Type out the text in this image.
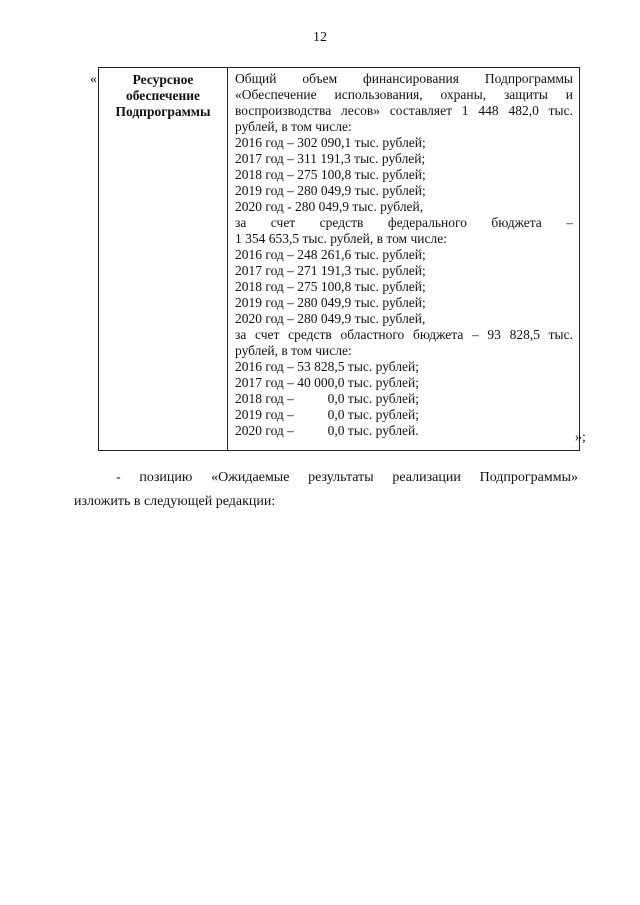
12
«	Ресурсное
обеспечение
Подпрограммы
Общий объем финансирования Подпрограммы
«Обеспечение использования, охраны, защиты и
воспроизводства лесов» составляет 1 448 482,0 тыс.
рублей, в том числе:
2016 год – 302 090,1 тыс. рублей;
2017 год – 311 191,3 тыс. рублей;
2018 год – 275 100,8 тыс. рублей;
2019 год – 280 049,9 тыс. рублей;
2020 год - 280 049,9 тыс. рублей,
за счет средств федерального бюджета –
1 354 653,5 тыс. рублей, в том числе:
2016 год – 248 261,6 тыс. рублей;
2017 год – 271 191,3 тыс. рублей;
2018 год – 275 100,8 тыс. рублей;
2019 год – 280 049,9 тыс. рублей;
2020 год – 280 049,9 тыс. рублей,
за счет средств областного бюджета – 93 828,5 тыс.
рублей, в том числе:
2016 год – 53 828,5 тыс. рублей;
2017 год – 40 000,0 тыс. рублей;
2018 год –          0,0 тыс. рублей;
2019 год –          0,0 тыс. рублей;
2020 год –          0,0 тыс. рублей.	»;
- позицию «Ожидаемые результаты реализации Подпрограммы»
изложить в следующей редакции:
